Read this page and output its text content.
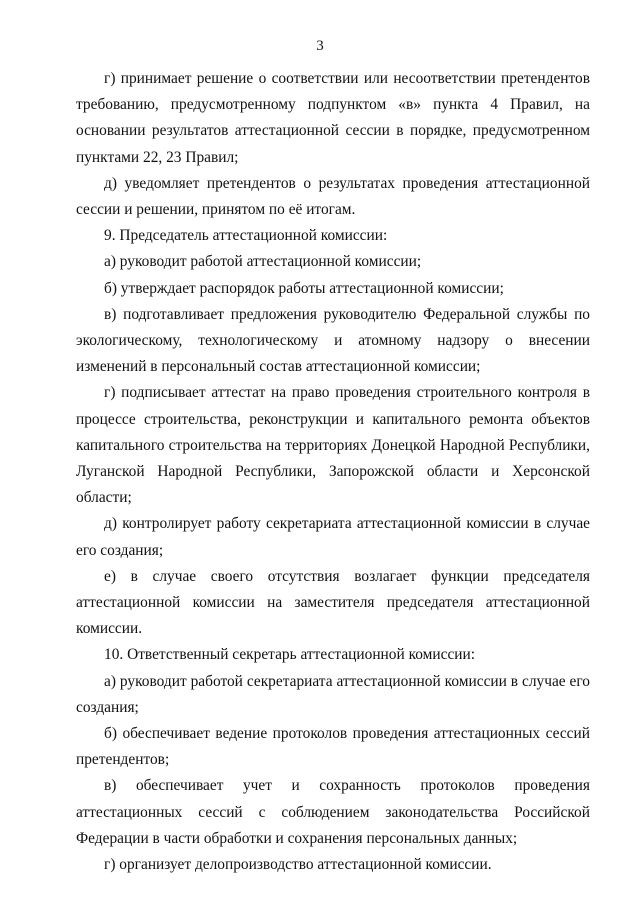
3

г) принимает решение о соответствии или несоответствии претендентов требованию, предусмотренному подпунктом «в» пункта 4 Правил, на основании результатов аттестационной сессии в порядке, предусмотренном пунктами 22, 23 Правил;

д) уведомляет претендентов о результатах проведения аттестационной сессии и решении, принятом по её итогам.

9. Председатель аттестационной комиссии:

а) руководит работой аттестационной комиссии;

б) утверждает распорядок работы аттестационной комиссии;

в) подготавливает предложения руководителю Федеральной службы по экологическому, технологическому и атомному надзору о внесении изменений в персональный состав аттестационной комиссии;

г) подписывает аттестат на право проведения строительного контроля в процессе строительства, реконструкции и капитального ремонта объектов капитального строительства на территориях Донецкой Народной Республики, Луганской Народной Республики, Запорожской области и Херсонской области;

д) контролирует работу секретариата аттестационной комиссии в случае его создания;

е) в случае своего отсутствия возлагает функции председателя аттестационной комиссии на заместителя председателя аттестационной комиссии.

10. Ответственный секретарь аттестационной комиссии:

а) руководит работой секретариата аттестационной комиссии в случае его создания;

б) обеспечивает ведение протоколов проведения аттестационных сессий претендентов;

в) обеспечивает учет и сохранность протоколов проведения аттестационных сессий с соблюдением законодательства Российской Федерации в части обработки и сохранения персональных данных;

г) организует делопроизводство аттестационной комиссии.
